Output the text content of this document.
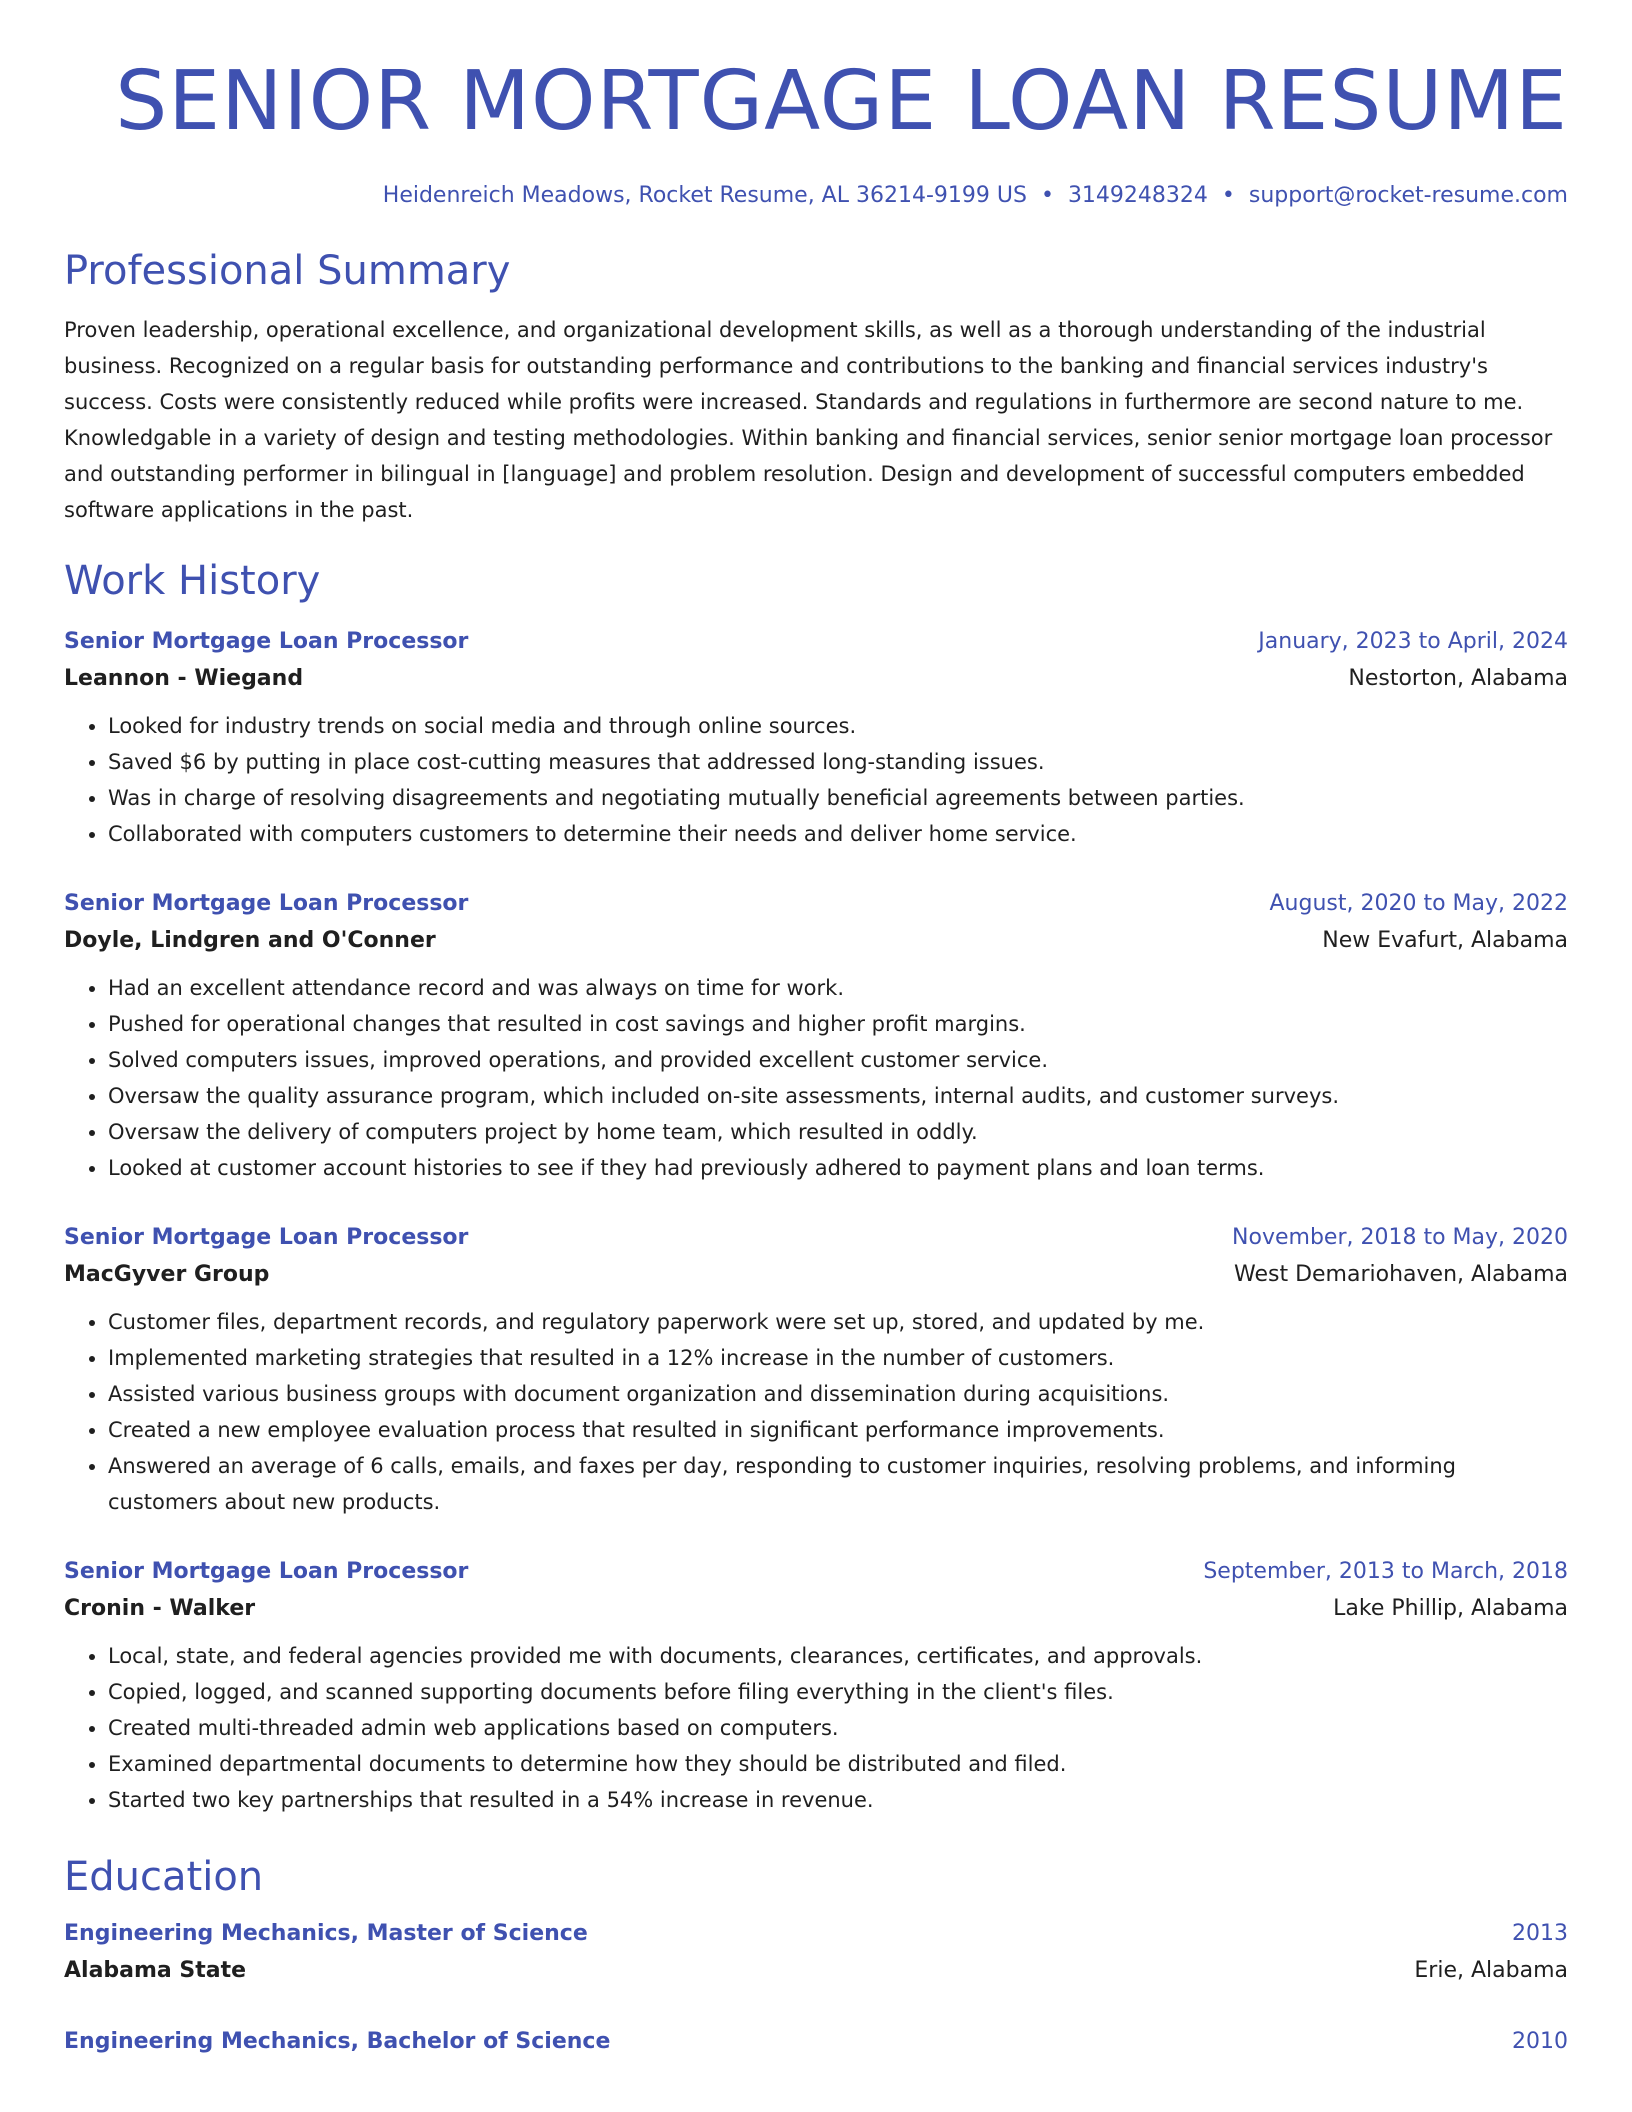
SENIOR MORTGAGE LOAN RESUME
Heidenreich Meadows, Rocket Resume, AL 36214-9199 US • 3149248324 • support@rocket-resume.com
Professional Summary
Proven leadership, operational excellence, and organizational development skills, as well as a thorough understanding of the industrial business. Recognized on a regular basis for outstanding performance and contributions to the banking and financial services industry's success. Costs were consistently reduced while profits were increased. Standards and regulations in furthermore are second nature to me. Knowledgable in a variety of design and testing methodologies. Within banking and financial services, senior senior mortgage loan processor and outstanding performer in bilingual in [language] and problem resolution. Design and development of successful computers embedded software applications in the past.
Work History
Senior Mortgage Loan Processor	January, 2023 to April, 2024
Leannon - Wiegand	Nestorton, Alabama
• Looked for industry trends on social media and through online sources.
• Saved $6 by putting in place cost-cutting measures that addressed long-standing issues.
• Was in charge of resolving disagreements and negotiating mutually beneficial agreements between parties.
• Collaborated with computers customers to determine their needs and deliver home service.
Senior Mortgage Loan Processor	August, 2020 to May, 2022
Doyle, Lindgren and O'Conner	New Evafurt, Alabama
• Had an excellent attendance record and was always on time for work.
• Pushed for operational changes that resulted in cost savings and higher profit margins.
• Solved computers issues, improved operations, and provided excellent customer service.
• Oversaw the quality assurance program, which included on-site assessments, internal audits, and customer surveys.
• Oversaw the delivery of computers project by home team, which resulted in oddly.
• Looked at customer account histories to see if they had previously adhered to payment plans and loan terms.
Senior Mortgage Loan Processor	November, 2018 to May, 2020
MacGyver Group	West Demariohaven, Alabama
• Customer files, department records, and regulatory paperwork were set up, stored, and updated by me.
• Implemented marketing strategies that resulted in a 12% increase in the number of customers.
• Assisted various business groups with document organization and dissemination during acquisitions.
• Created a new employee evaluation process that resulted in significant performance improvements.
• Answered an average of 6 calls, emails, and faxes per day, responding to customer inquiries, resolving problems, and informing customers about new products.
Senior Mortgage Loan Processor	September, 2013 to March, 2018
Cronin - Walker	Lake Phillip, Alabama
• Local, state, and federal agencies provided me with documents, clearances, certificates, and approvals.
• Copied, logged, and scanned supporting documents before filing everything in the client's files.
• Created multi-threaded admin web applications based on computers.
• Examined departmental documents to determine how they should be distributed and filed.
• Started two key partnerships that resulted in a 54% increase in revenue.
Education
Engineering Mechanics, Master of Science	2013
Alabama State	Erie, Alabama
Engineering Mechanics, Bachelor of Science	2010
